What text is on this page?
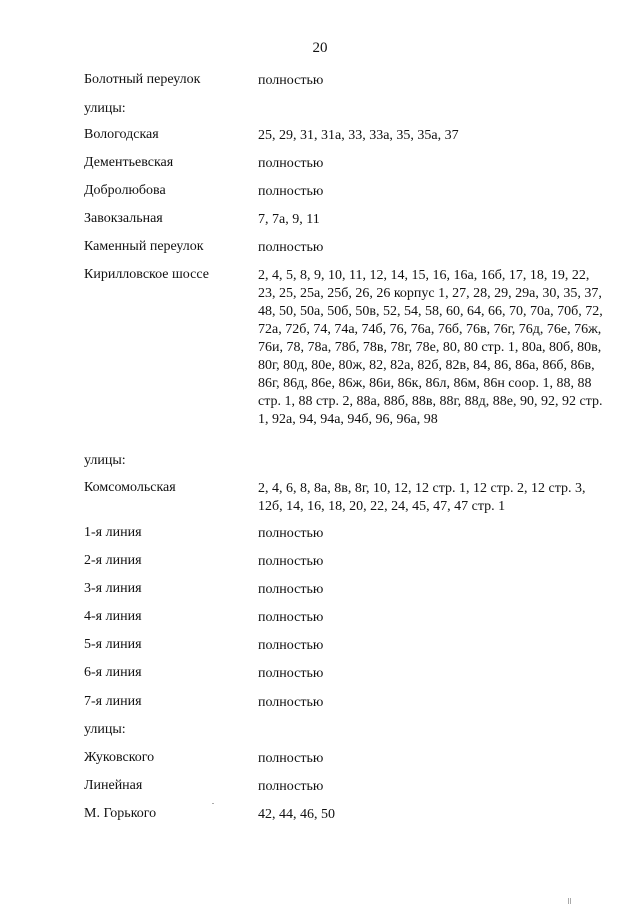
20
Болотный переулок	полностью
улицы:
Вологодская	25, 29, 31, 31а, 33, 33а, 35, 35а, 37
Дементьевская	полностью
Добролюбова	полностью
Завокзальная	7, 7а, 9, 11
Каменный переулок	полностью
Кирилловское шоссе	2, 4, 5, 8, 9, 10, 11, 12, 14, 15, 16, 16а, 16б, 17, 18, 19, 22, 23, 25, 25а, 25б, 26, 26 корпус 1, 27, 28, 29, 29а, 30, 35, 37, 48, 50, 50а, 50б, 50в, 52, 54, 58, 60, 64, 66, 70, 70а, 70б, 72, 72а, 72б, 74, 74а, 74б, 76, 76а, 76б, 76в, 76г, 76д, 76е, 76ж, 76и, 78, 78а, 78б, 78в, 78г, 78е, 80, 80 стр. 1, 80а, 80б, 80в, 80г, 80д, 80е, 80ж, 82, 82а, 82б, 82в, 84, 86, 86а, 86б, 86в, 86г, 86д, 86е, 86ж, 86и, 86к, 86л, 86м, 86н соор. 1, 88, 88 стр. 1, 88 стр. 2, 88а, 88б, 88в, 88г, 88д, 88е, 90, 92, 92 стр. 1, 92а, 94, 94а, 94б, 96, 96а, 98
улицы:
Комсомольская	2, 4, 6, 8, 8а, 8в, 8г, 10, 12, 12 стр. 1, 12 стр. 2, 12 стр. 3, 12б, 14, 16, 18, 20, 22, 24, 45, 47, 47 стр. 1
1-я линия	полностью
2-я линия	полностью
3-я линия	полностью
4-я линия	полностью
5-я линия	полностью
6-я линия	полностью
7-я линия	полностью
улицы:
Жуковского	полностью
Линейная	полностью
М. Горького	42, 44, 46, 50
